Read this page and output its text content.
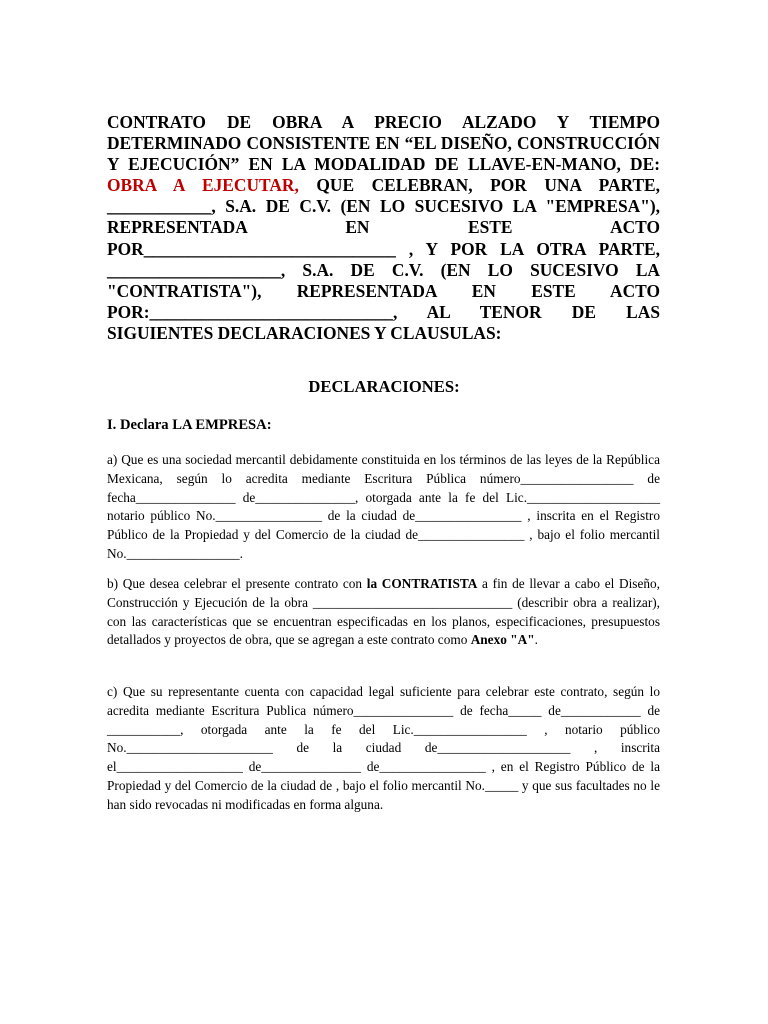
CONTRATO DE OBRA A PRECIO ALZADO Y TIEMPO DETERMINADO CONSISTENTE EN “EL DISEÑO, CONSTRUCCIÓN Y EJECUCIÓN” EN LA MODALIDAD DE LLAVE-EN-MANO, DE: OBRA A EJECUTAR, QUE CELEBRAN, POR UNA PARTE, ____________, S.A. DE C.V. (EN LO SUCESIVO LA "EMPRESA"), REPRESENTADA EN ESTE ACTO POR_____________________________ , Y POR LA OTRA PARTE, ____________________, S.A. DE C.V. (EN LO SUCESIVO LA "CONTRATISTA"), REPRESENTADA EN ESTE ACTO POR:____________________________, AL TENOR DE LAS SIGUIENTES DECLARACIONES Y CLAUSULAS:
DECLARACIONES:
I. Declara LA EMPRESA:
a) Que es una sociedad mercantil debidamente constituida en los términos de las leyes de la República Mexicana, según lo acredita mediante Escritura Pública número_________________ de fecha_______________ de_______________, otorgada ante la fe del Lic.____________________ notario público No.________________ de la ciudad de________________ , inscrita en el Registro Público de la Propiedad y del Comercio de la ciudad de________________ , bajo el folio mercantil No._________________.
b) Que desea celebrar el presente contrato con la CONTRATISTA a fin de llevar a cabo el Diseño, Construcción y Ejecución de la obra ______________________________ (describir obra a realizar), con las características que se encuentran especificadas en los planos, especificaciones, presupuestos detallados y proyectos de obra, que se agregan a este contrato como Anexo "A".
c) Que su representante cuenta con capacidad legal suficiente para celebrar este contrato, según lo acredita mediante Escritura Publica número_______________ de fecha_____ de____________ de ___________, otorgada ante la fe del Lic._________________ , notario público No.______________________ de la ciudad de____________________ , inscrita el___________________ de_______________ de________________ , en el Registro Público de la Propiedad y del Comercio de la ciudad de , bajo el folio mercantil No._____ y que sus facultades no le han sido revocadas ni modificadas en forma alguna.
